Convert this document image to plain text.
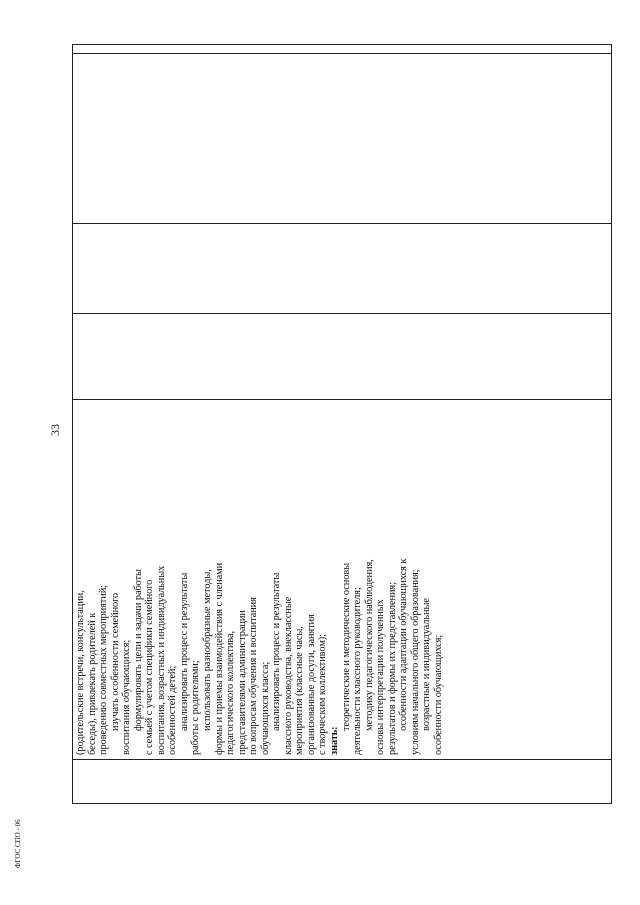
(родительские встречи, консультации, беседы), привлекать родителей к проведению совместных мероприятий; изучать особенности семейного воспитания обучающихся; формулировать цели и задачи работы с семьей с учетом специфики семейного воспитания, возрастных и индивидуальных особенностей детей; анализировать процесс и результаты работы с родителями; использовать разнообразные методы, формы и приемы взаимодействия с членами педагогического коллектива, представителями администрации по вопросам обучения и воспитания обучающихся класса; анализировать процесс и результаты классного руководства, внеклассные мероприятия (классные часы, организованные досуги, занятия с творческим коллективом); знать:
теоретические и методические основы деятельности классного руководителя; методику педагогического наблюдения, основы интерпретации полученных результатов и формы их представления; особенности адаптации обучающихся к условиям начального общего образования; возрастные и индивидуальные особенности обучающихся;
33
ФГОС СПО - 06
